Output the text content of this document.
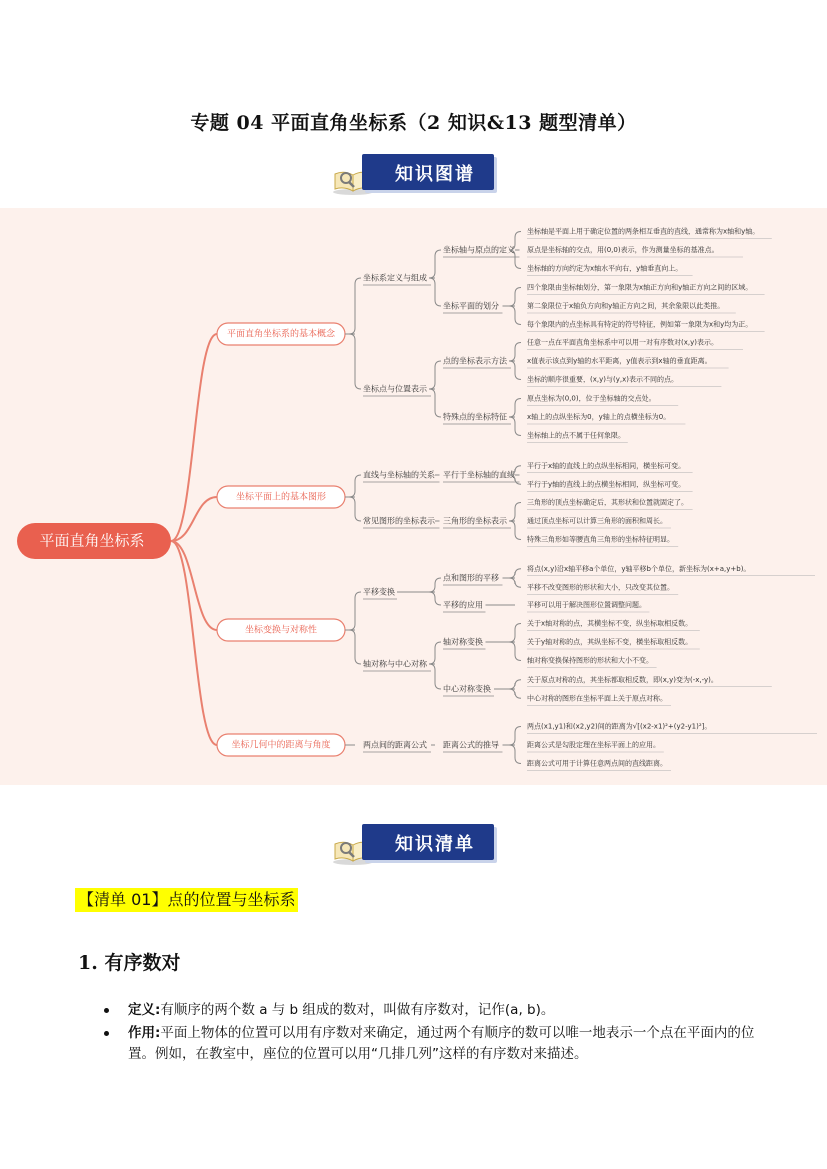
专题 04 平面直角坐标系（2 知识&13 题型清单）
知识图谱
平面直角坐标系
平面直角坐标系的基本概念
坐标系定义与组成
坐标轴与原点的定义
坐标轴是平面上用于确定位置的两条相互垂直的直线，通常称为x轴和y轴。
原点是坐标轴的交点，用(0,0)表示，作为测量坐标的基准点。
坐标轴的方向约定为x轴水平向右，y轴垂直向上。
坐标平面的划分
四个象限由坐标轴划分，第一象限为x轴正方向和y轴正方向之间的区域。
第二象限位于x轴负方向和y轴正方向之间，其余象限以此类推。
每个象限内的点坐标具有特定的符号特征，例如第一象限为x和y均为正。
坐标点与位置表示
点的坐标表示方法
任意一点在平面直角坐标系中可以用一对有序数对(x,y)表示。
x值表示该点到y轴的水平距离，y值表示到x轴的垂直距离。
坐标的顺序很重要，(x,y)与(y,x)表示不同的点。
特殊点的坐标特征
原点坐标为(0,0)，位于坐标轴的交点处。
x轴上的点纵坐标为0，y轴上的点横坐标为0。
坐标轴上的点不属于任何象限。
坐标平面上的基本图形
直线与坐标轴的关系 平行于坐标轴的直线
平行于x轴的直线上的点纵坐标相同，横坐标可变。
平行于y轴的直线上的点横坐标相同，纵坐标可变。
常见图形的坐标表示 三角形的坐标表示
三角形的顶点坐标确定后，其形状和位置就固定了。
通过顶点坐标可以计算三角形的面积和周长。
特殊三角形如等腰直角三角形的坐标特征明显。
坐标变换与对称性
平移变换
点和图形的平移
将点(x,y)沿x轴平移a个单位，y轴平移b个单位，新坐标为(x+a,y+b)。
平移不改变图形的形状和大小，只改变其位置。
平移的应用	平移可以用于解决图形位置调整问题。
轴对称与中心对称
轴对称变换
关于x轴对称的点，其横坐标不变，纵坐标取相反数。
关于y轴对称的点，其纵坐标不变，横坐标取相反数。
轴对称变换保持图形的形状和大小不变。
中心对称变换
关于原点对称的点，其坐标都取相反数，即(x,y)变为(-x,-y)。
中心对称的图形在坐标平面上关于原点对称。
坐标几何中的距离与角度	两点间的距离公式 距离公式的推导
两点(x1,y1)和(x2,y2)间的距离为√[(x2-x1)²+(y2-y1)²]。
距离公式是勾股定理在坐标平面上的应用。
距离公式可用于计算任意两点间的直线距离。
知识清单
【清单 01】点的位置与坐标系
1. 有序数对
定义:有顺序的两个数 a 与 b 组成的数对，叫做有序数对，记作(a, b)。
作用:平面上物体的位置可以用有序数对来确定，通过两个有顺序的数可以唯一地表示一个点在平面内的位置。例如，在教室中，座位的位置可以用“几排几列”这样的有序数对来描述。
